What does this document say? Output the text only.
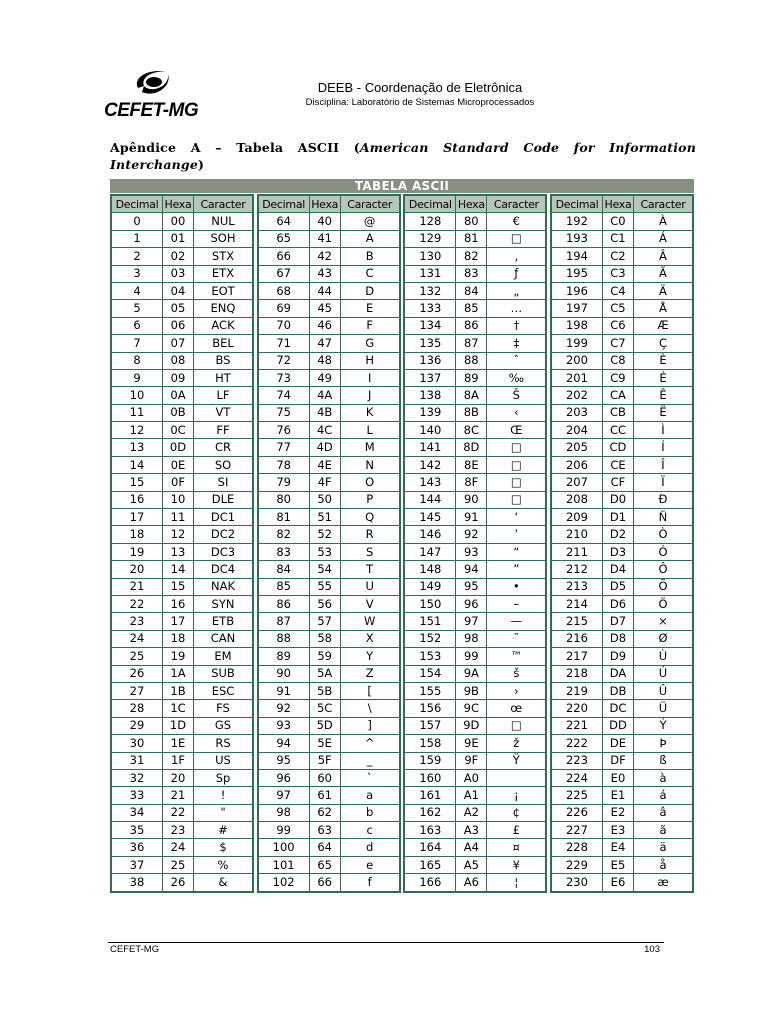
CEFET-MG
DEEB - Coordenação de Eletrônica
Disciplina: Laboratório de Sistemas Microprocessados
Apêndice A – Tabela ASCII (American Standard Code for Information Interchange)
TABELA ASCII
Decimal	Hexa	Caracter
0	00	NUL
1	01	SOH
2	02	STX
3	03	ETX
4	04	EOT
5	05	ENQ
6	06	ACK
7	07	BEL
8	08	BS
9	09	HT
10	0A	LF
11	0B	VT
12	0C	FF
13	0D	CR
14	0E	SO
15	0F	SI
16	10	DLE
17	11	DC1
18	12	DC2
19	13	DC3
20	14	DC4
21	15	NAK
22	16	SYN
23	17	ETB
24	18	CAN
25	19	EM
26	1A	SUB
27	1B	ESC
28	1C	FS
29	1D	GS
30	1E	RS
31	1F	US
32	20	Sp
33	21	!
34	22	"
35	23	#
36	24	$
37	25	%
38	26	&
Decimal	Hexa	Caracter
64	40	@
65	41	A
66	42	B
67	43	C
68	44	D
69	45	E
70	46	F
71	47	G
72	48	H
73	49	I
74	4A	J
75	4B	K
76	4C	L
77	4D	M
78	4E	N
79	4F	O
80	50	P
81	51	Q
82	52	R
83	53	S
84	54	T
85	55	U
86	56	V
87	57	W
88	58	X
89	59	Y
90	5A	Z
91	5B	[
92	5C	\
93	5D	]
94	5E	^
95	5F	_
96	60	`
97	61	a
98	62	b
99	63	c
100	64	d
101	65	e
102	66	f
Decimal	Hexa	Caracter
128	80	€
129	81	□
130	82	‚
131	83	ƒ
132	84	„
133	85	…
134	86	†
135	87	‡
136	88	ˆ
137	89	‰
138	8A	Š
139	8B	‹
140	8C	Œ
141	8D	□
142	8E	□
143	8F	□
144	90	□
145	91	‘
146	92	’
147	93	“
148	94	”
149	95	•
150	96	–
151	97	—
152	98	˜
153	99	™
154	9A	š
155	9B	›
156	9C	œ
157	9D	□
158	9E	ž
159	9F	Ÿ
160	A0	
161	A1	¡
162	A2	¢
163	A3	£
164	A4	¤
165	A5	¥
166	A6	¦
Decimal	Hexa	Caracter
192	C0	À
193	C1	Á
194	C2	Â
195	C3	Ã
196	C4	Ä
197	C5	Å
198	C6	Æ
199	C7	Ç
200	C8	È
201	C9	É
202	CA	Ê
203	CB	Ë
204	CC	Ì
205	CD	Í
206	CE	Î
207	CF	Ï
208	D0	Ð
209	D1	Ñ
210	D2	Ò
211	D3	Ó
212	D4	Ô
213	D5	Õ
214	D6	Ö
215	D7	×
216	D8	Ø
217	D9	Ù
218	DA	Ú
219	DB	Û
220	DC	Ü
221	DD	Ý
222	DE	Þ
223	DF	ß
224	E0	à
225	E1	á
226	E2	â
227	E3	ã
228	E4	ä
229	E5	å
230	E6	æ
CEFET-MG	103
